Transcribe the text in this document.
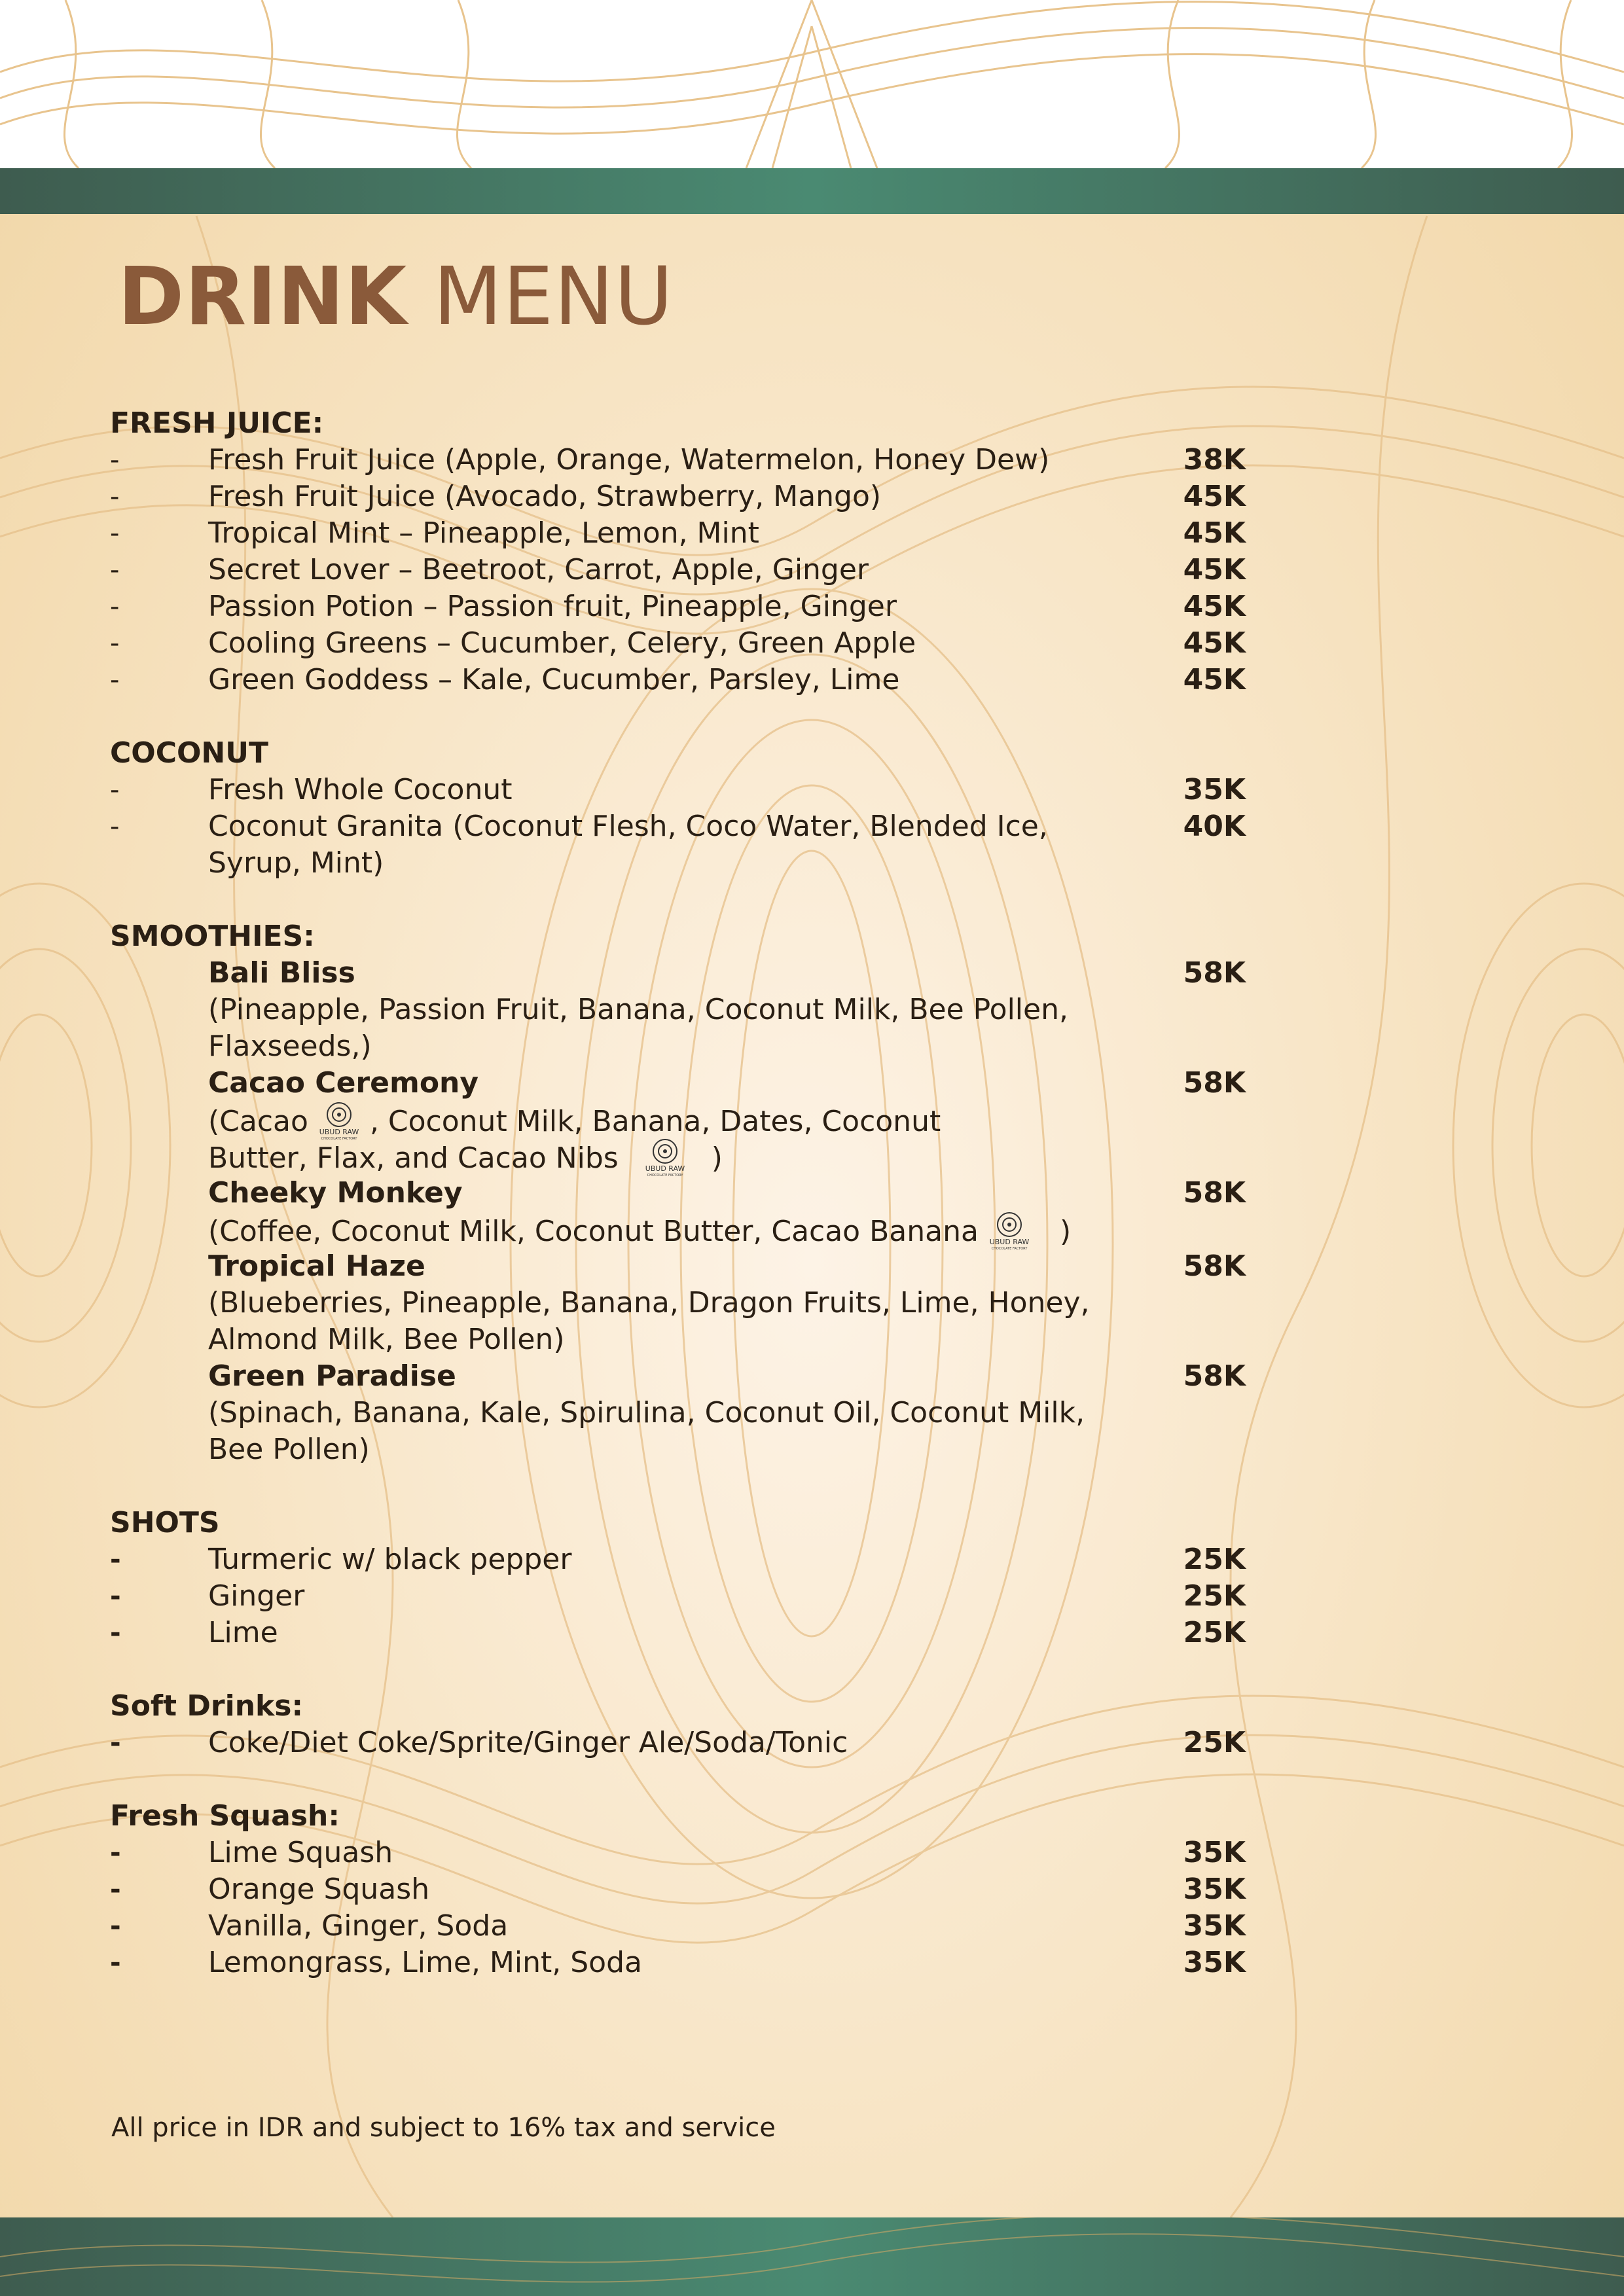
DRINK MENU
FRESH JUICE:
-	Fresh Fruit Juice (Apple, Orange, Watermelon, Honey Dew)	38K
-	Fresh Fruit Juice (Avocado, Strawberry, Mango)	45K
-	Tropical Mint – Pineapple, Lemon, Mint	45K
-	Secret Lover – Beetroot, Carrot, Apple, Ginger	45K
-	Passion Potion – Passion fruit, Pineapple, Ginger	45K
-	Cooling Greens – Cucumber, Celery, Green Apple	45K
-	Green Goddess – Kale, Cucumber, Parsley, Lime	45K
COCONUT
-	Fresh Whole Coconut	35K
-	Coconut Granita (Coconut Flesh, Coco Water, Blended Ice,	40K
Syrup, Mint)
SMOOTHIES:
Bali Bliss	58K
(Pineapple, Passion Fruit, Banana, Coconut Milk, Bee Pollen,
Flaxseeds,)
Cacao Ceremony	58K
(Cacao UBUD RAW
CHOCOLATE FACTORY
, Coconut Milk, Banana, Dates, Coconut
Butter, Flax, and Cacao Nibs	UBUD RAW
CHOCOLATE FACTORY
)
Cheeky Monkey	58K
(Coffee, Coconut Milk, Coconut Butter, Cacao Banana UBUD RAW
CHOCOLATE FACTORY
)
Tropical Haze	58K
(Blueberries, Pineapple, Banana, Dragon Fruits, Lime, Honey,
Almond Milk, Bee Pollen)
Green Paradise	58K
(Spinach, Banana, Kale, Spirulina, Coconut Oil, Coconut Milk,
Bee Pollen)
SHOTS
-	Turmeric w/ black pepper	25K
-	Ginger	25K
-	Lime	25K
Soft Drinks:
-	Coke/Diet Coke/Sprite/Ginger Ale/Soda/Tonic	25K
Fresh Squash:
-	Lime Squash	35K
-	Orange Squash	35K
-	Vanilla, Ginger, Soda	35K
-	Lemongrass, Lime, Mint, Soda	35K
All price in IDR and subject to 16% tax and service
